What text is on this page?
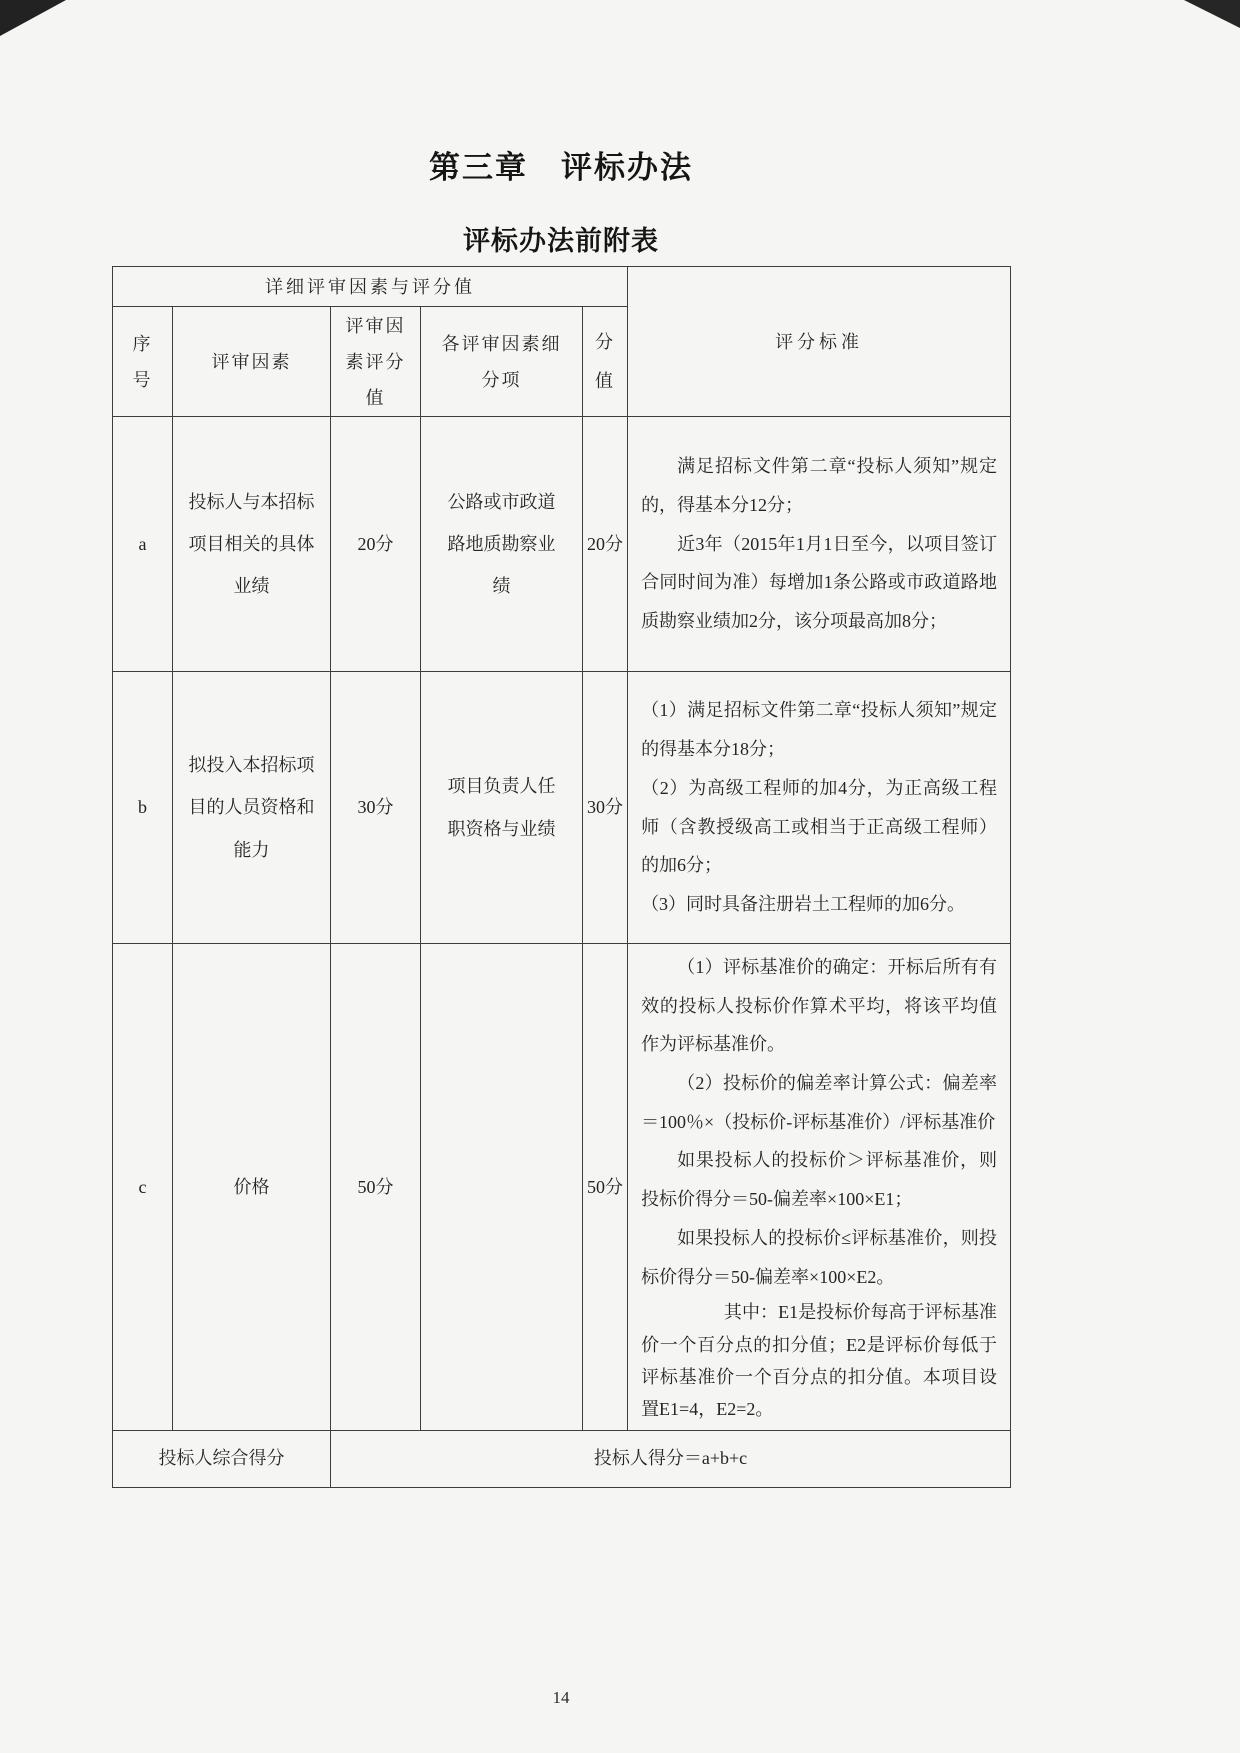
第三章　评标办法
评标办法前附表
详细评审因素与评分值					评分标准
序号	评审因素	评审因素评分值	各评审因素细分项	分值	
a	投标人与本招标项目相关的具体业绩	20分	公路或市政道路地质勘察业绩	20分	满足招标文件第二章“投标人须知”规定的，得基本分12分；

近3年（2015年1月1日至今，以项目签订合同时间为准）每增加1条公路或市政道路地质勘察业绩加2分，该分项最高加8分；

b	拟投入本招标项目的人员资格和能力	30分	项目负责人任职资格与业绩	30分	（1）满足招标文件第二章“投标人须知”规定的得基本分18分；

（2）为高级工程师的加4分，为正高级工程师（含教授级高工或相当于正高级工程师）的加6分；

（3）同时具备注册岩土工程师的加6分。

c	价格	50分		50分	（1）评标基准价的确定：开标后所有有效的投标人投标价作算术平均，将该平均值作为评标基准价。

（2）投标价的偏差率计算公式：偏差率＝100％×（投标价-评标基准价）/评标基准价

如果投标人的投标价＞评标基准价，则投标价得分＝50-偏差率×100×E1；

如果投标人的投标价≤评标基准价，则投标价得分＝50-偏差率×100×E2。

其中：E1是投标价每高于评标基准价一个百分点的扣分值；E2是评标价每低于评标基准价一个百分点的扣分值。本项目设置E1=4，E2=2。

投标人综合得分		投标人得分＝a+b+c			
14
